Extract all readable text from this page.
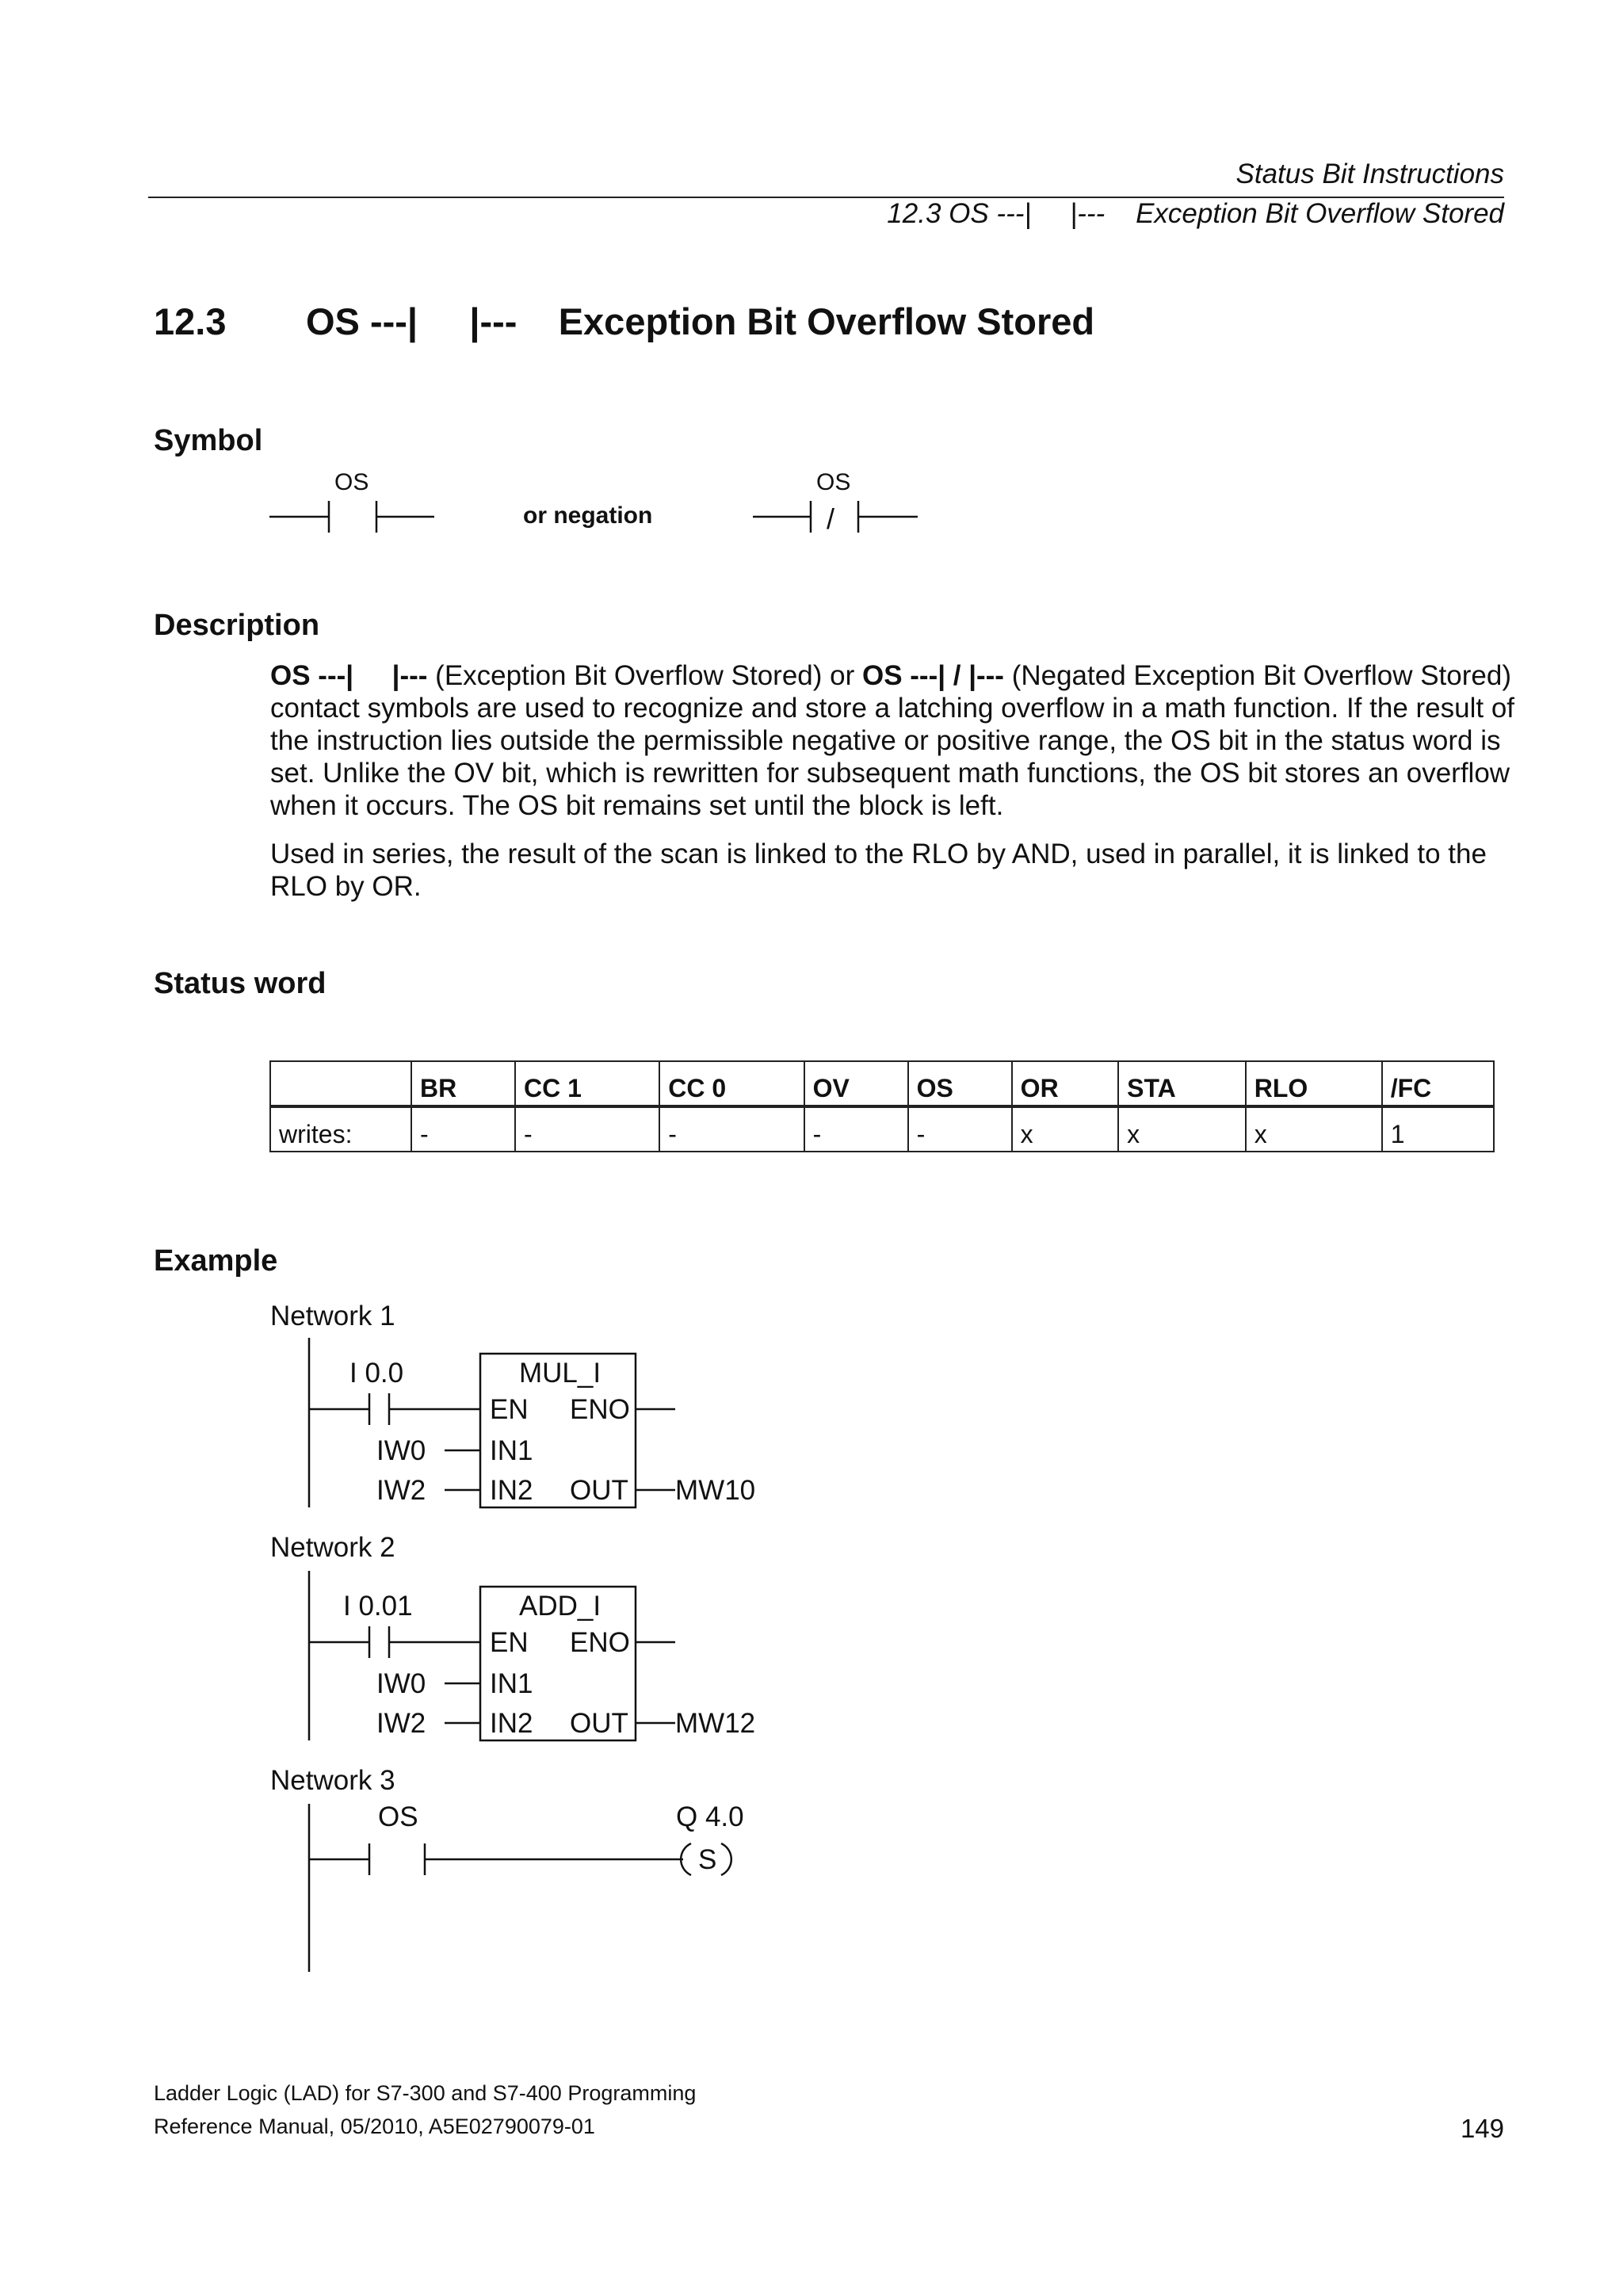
Status Bit Instructions
12.3 OS ---|     |---    Exception Bit Overflow Stored
12.3 OS ---|     |---    Exception Bit Overflow Stored
Symbol
OS
or negation	/
OS
Description
OS ---|     |--- (Exception Bit Overflow Stored) or OS ---| / |--- (Negated Exception Bit Overflow Stored) contact symbols are used to recognize and store a latching overflow in a math function. If the result of the instruction lies outside the permissible negative or positive range, the OS bit in the status word is set. Unlike the OV bit, which is rewritten for subsequent math functions, the OS bit stores an overflow when it occurs. The OS bit remains set until the block is left.
Used in series, the result of the scan is linked to the RLO by AND, used in parallel, it is linked to the RLO by OR.
Status word
	BR	CC 1	CC 0	OV	OS	OR	STA	RLO	/FC
writes:	-	-	-	-	-	x	x	x	1
Example
Network 1
I 0.0	MUL_I
EN ENO
IN1
IN2 OUT
IW0
IW2	MW10
Network 2
I 0.01	ADD_I
EN ENO
IN1
IN2 OUT
IW0
IW2	MW12
Network 3
OS	Q 4.0
S
Ladder Logic (LAD) for S7-300 and S7-400 Programming
Reference Manual, 05/2010, A5E02790079-01	149
